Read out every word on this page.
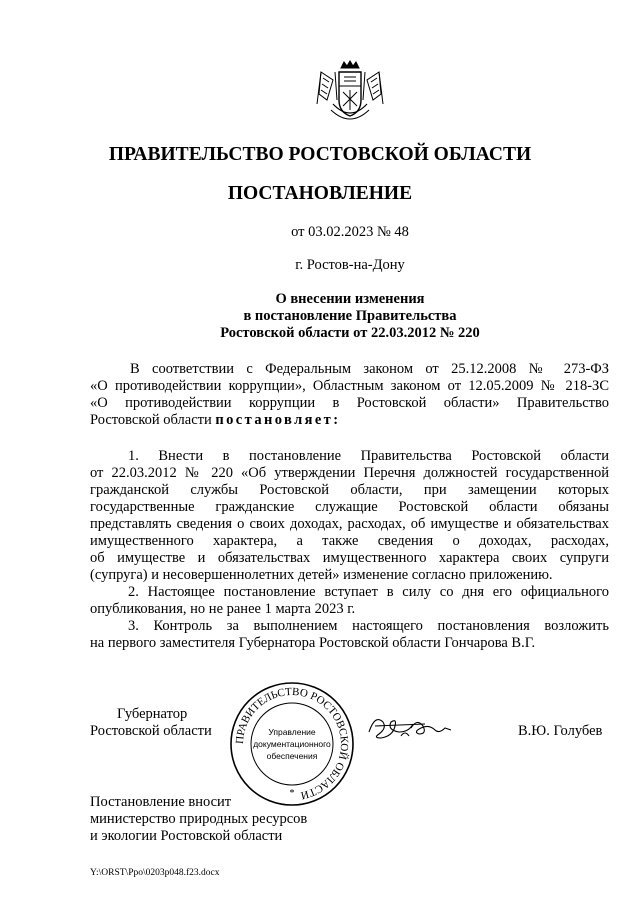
ПРАВИТЕЛЬСТВО РОСТОВСКОЙ ОБЛАСТИ
ПОСТАНОВЛЕНИЕ
от 03.02.2023 № 48
г. Ростов-на-Дону
О внесении изменения
в постановление Правительства
Ростовской области от 22.03.2012 № 220
В соответствии с Федеральным законом от 25.12.2008 № 273-ФЗ
«О противодействии коррупции», Областным законом от 12.05.2009 № 218-ЗС
«О противодействии коррупции в Ростовской области» Правительство
Ростовской области постановляет:
1. Внести в постановление Правительства Ростовской области
от 22.03.2012 № 220 «Об утверждении Перечня должностей государственной
гражданской службы Ростовской области, при замещении которых
государственные гражданские служащие Ростовской области обязаны
представлять сведения о своих доходах, расходах, об имуществе и обязательствах
имущественного характера, а также сведения о доходах, расходах,
об имуществе и обязательствах имущественного характера своих супруги
(супруга) и несовершеннолетних детей» изменение согласно приложению.
2. Настоящее постановление вступает в силу со дня его официального
опубликования, но не ранее 1 марта 2023 г.
3. Контроль за выполнением настоящего постановления возложить
на первого заместителя Губернатора Ростовской области Гончарова В.Г.
Губернатор
Ростовской области
ПРАВИТЕЛЬСТВО РОСТОВСКОЙ ОБЛАСТИ
Управление
документационного
обеспечения
*
В.Ю. Голубев
Постановление вносит
министерство природных ресурсов
и экологии Ростовской области
Y:\ORST\Ppo\0203p048.f23.docx
